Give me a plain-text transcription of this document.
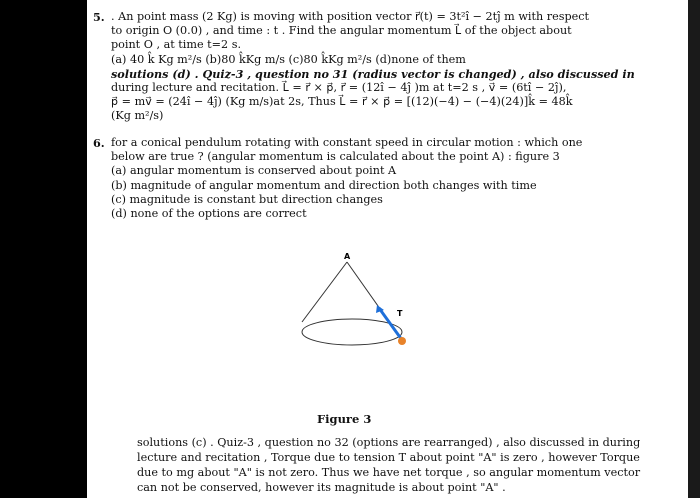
5. . An point mass (2 Kg) is moving with position vector r⃗(t) = 3t²î − 2tĵ m with respect
to origin O (0.0) , and time : t . Find the angular momentum L⃗ of the object about
point O , at time t=2 s.
(a) 40 k̂ Kg m²/s (b)80 k̂Kg m/s (c)80 k̂Kg m²/s (d)none of them
solutions (d) . Quiz-3 , question no 31 (radius vector is changed) , also discussed in
during lecture and recitation. L⃗ = r⃗ × p⃗, r⃗ = (12î − 4ĵ )m at t=2 s , v⃗ = (6tî − 2ĵ),
p⃗ = mv⃗ = (24î − 4ĵ) (Kg m/s)at 2s, Thus L⃗ = r⃗ × p⃗ = [(12)(−4) − (−4)(24)]k̂ = 48k̂
(Kg m²/s)
6. for a conical pendulum rotating with constant speed in circular motion : which one
below are true ? (angular momentum is calculated about the point A) : figure 3
(a) angular momentum is conserved about point A
(b) magnitude of angular momentum and direction both changes with time
(c) magnitude is constant but direction changes
(d) none of the options are correct
A
T
Figure 3
solutions (c) . Quiz-3 , question no 32 (options are rearranged) , also discussed in during
lecture and recitation , Torque due to tension T about point "A" is zero , however Torque
due to mg about "A" is not zero. Thus we have net torque , so angular momentum vector
can not be conserved, however its magnitude is about point "A" .
